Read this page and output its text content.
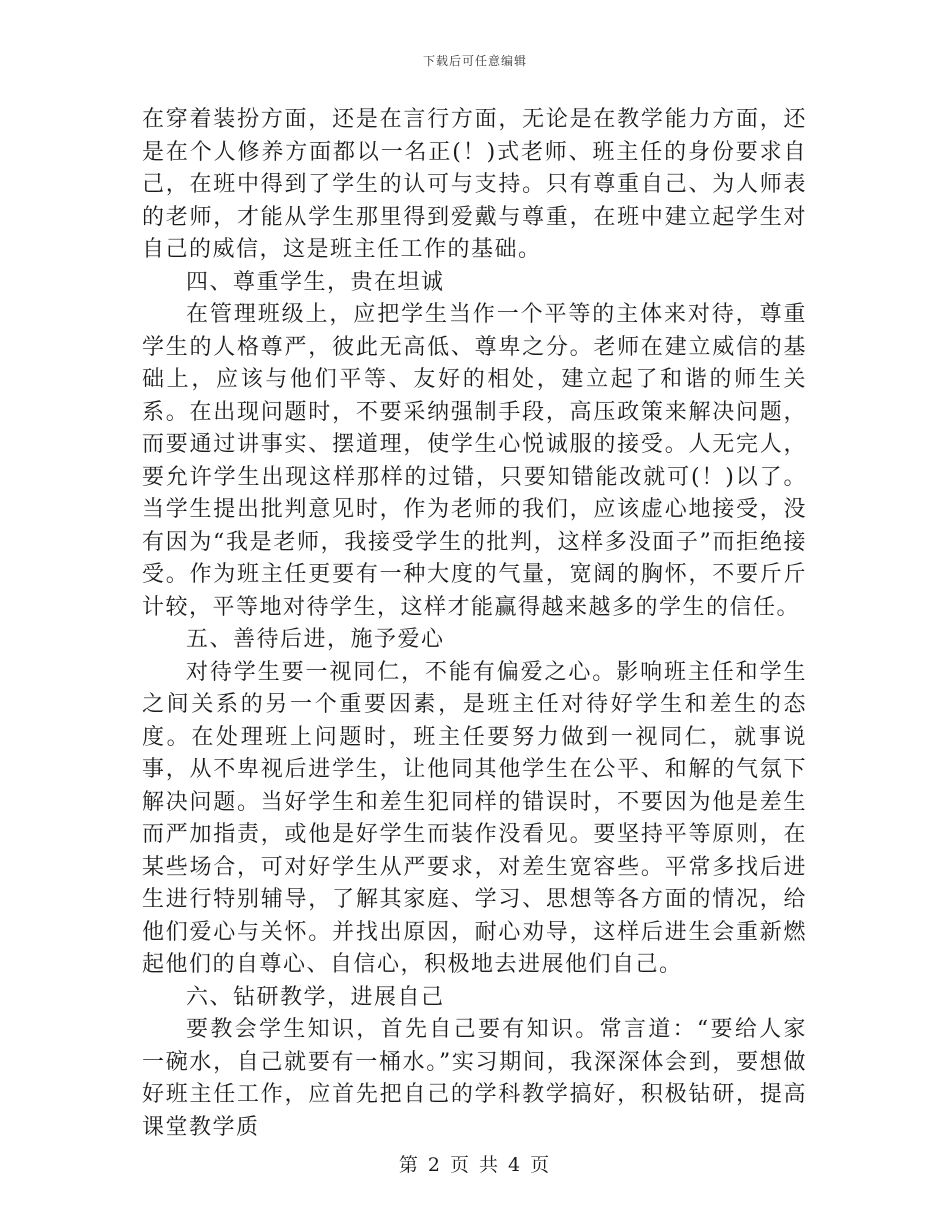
下载后可任意编辑

在穿着装扮方面，还是在言行方面，无论是在教学能力方面，还是在个人修养方面都以一名正(！)式老师、班主任的身份要求自己，在班中得到了学生的认可与支持。只有尊重自己、为人师表的老师，才能从学生那里得到爱戴与尊重，在班中建立起学生对自己的威信，这是班主任工作的基础。

四、尊重学生，贵在坦诚

在管理班级上，应把学生当作一个平等的主体来对待，尊重学生的人格尊严，彼此无高低、尊卑之分。老师在建立威信的基础上，应该与他们平等、友好的相处，建立起了和谐的师生关系。在出现问题时，不要采纳强制手段，高压政策来解决问题，而要通过讲事实、摆道理，使学生心悦诚服的接受。人无完人，要允许学生出现这样那样的过错，只要知错能改就可(！)以了。当学生提出批判意见时，作为老师的我们，应该虚心地接受，没有因为“我是老师，我接受学生的批判，这样多没面子”而拒绝接受。作为班主任更要有一种大度的气量，宽阔的胸怀，不要斤斤计较，平等地对待学生，这样才能赢得越来越多的学生的信任。

五、善待后进，施予爱心

对待学生要一视同仁，不能有偏爱之心。影响班主任和学生之间关系的另一个重要因素，是班主任对待好学生和差生的态度。在处理班上问题时，班主任要努力做到一视同仁，就事说事，从不卑视后进学生，让他同其他学生在公平、和解的气氛下解决问题。当好学生和差生犯同样的错误时，不要因为他是差生而严加指责，或他是好学生而装作没看见。要坚持平等原则，在某些场合，可对好学生从严要求，对差生宽容些。平常多找后进生进行特别辅导，了解其家庭、学习、思想等各方面的情况，给他们爱心与关怀。并找出原因，耐心劝导，这样后进生会重新燃起他们的自尊心、自信心，积极地去进展他们自己。

六、钻研教学，进展自己

要教会学生知识，首先自己要有知识。常言道：“要给人家一碗水，自己就要有一桶水。”实习期间，我深深体会到，要想做好班主任工作，应首先把自己的学科教学搞好，积极钻研，提高课堂教学质

第 2 页 共 4 页
